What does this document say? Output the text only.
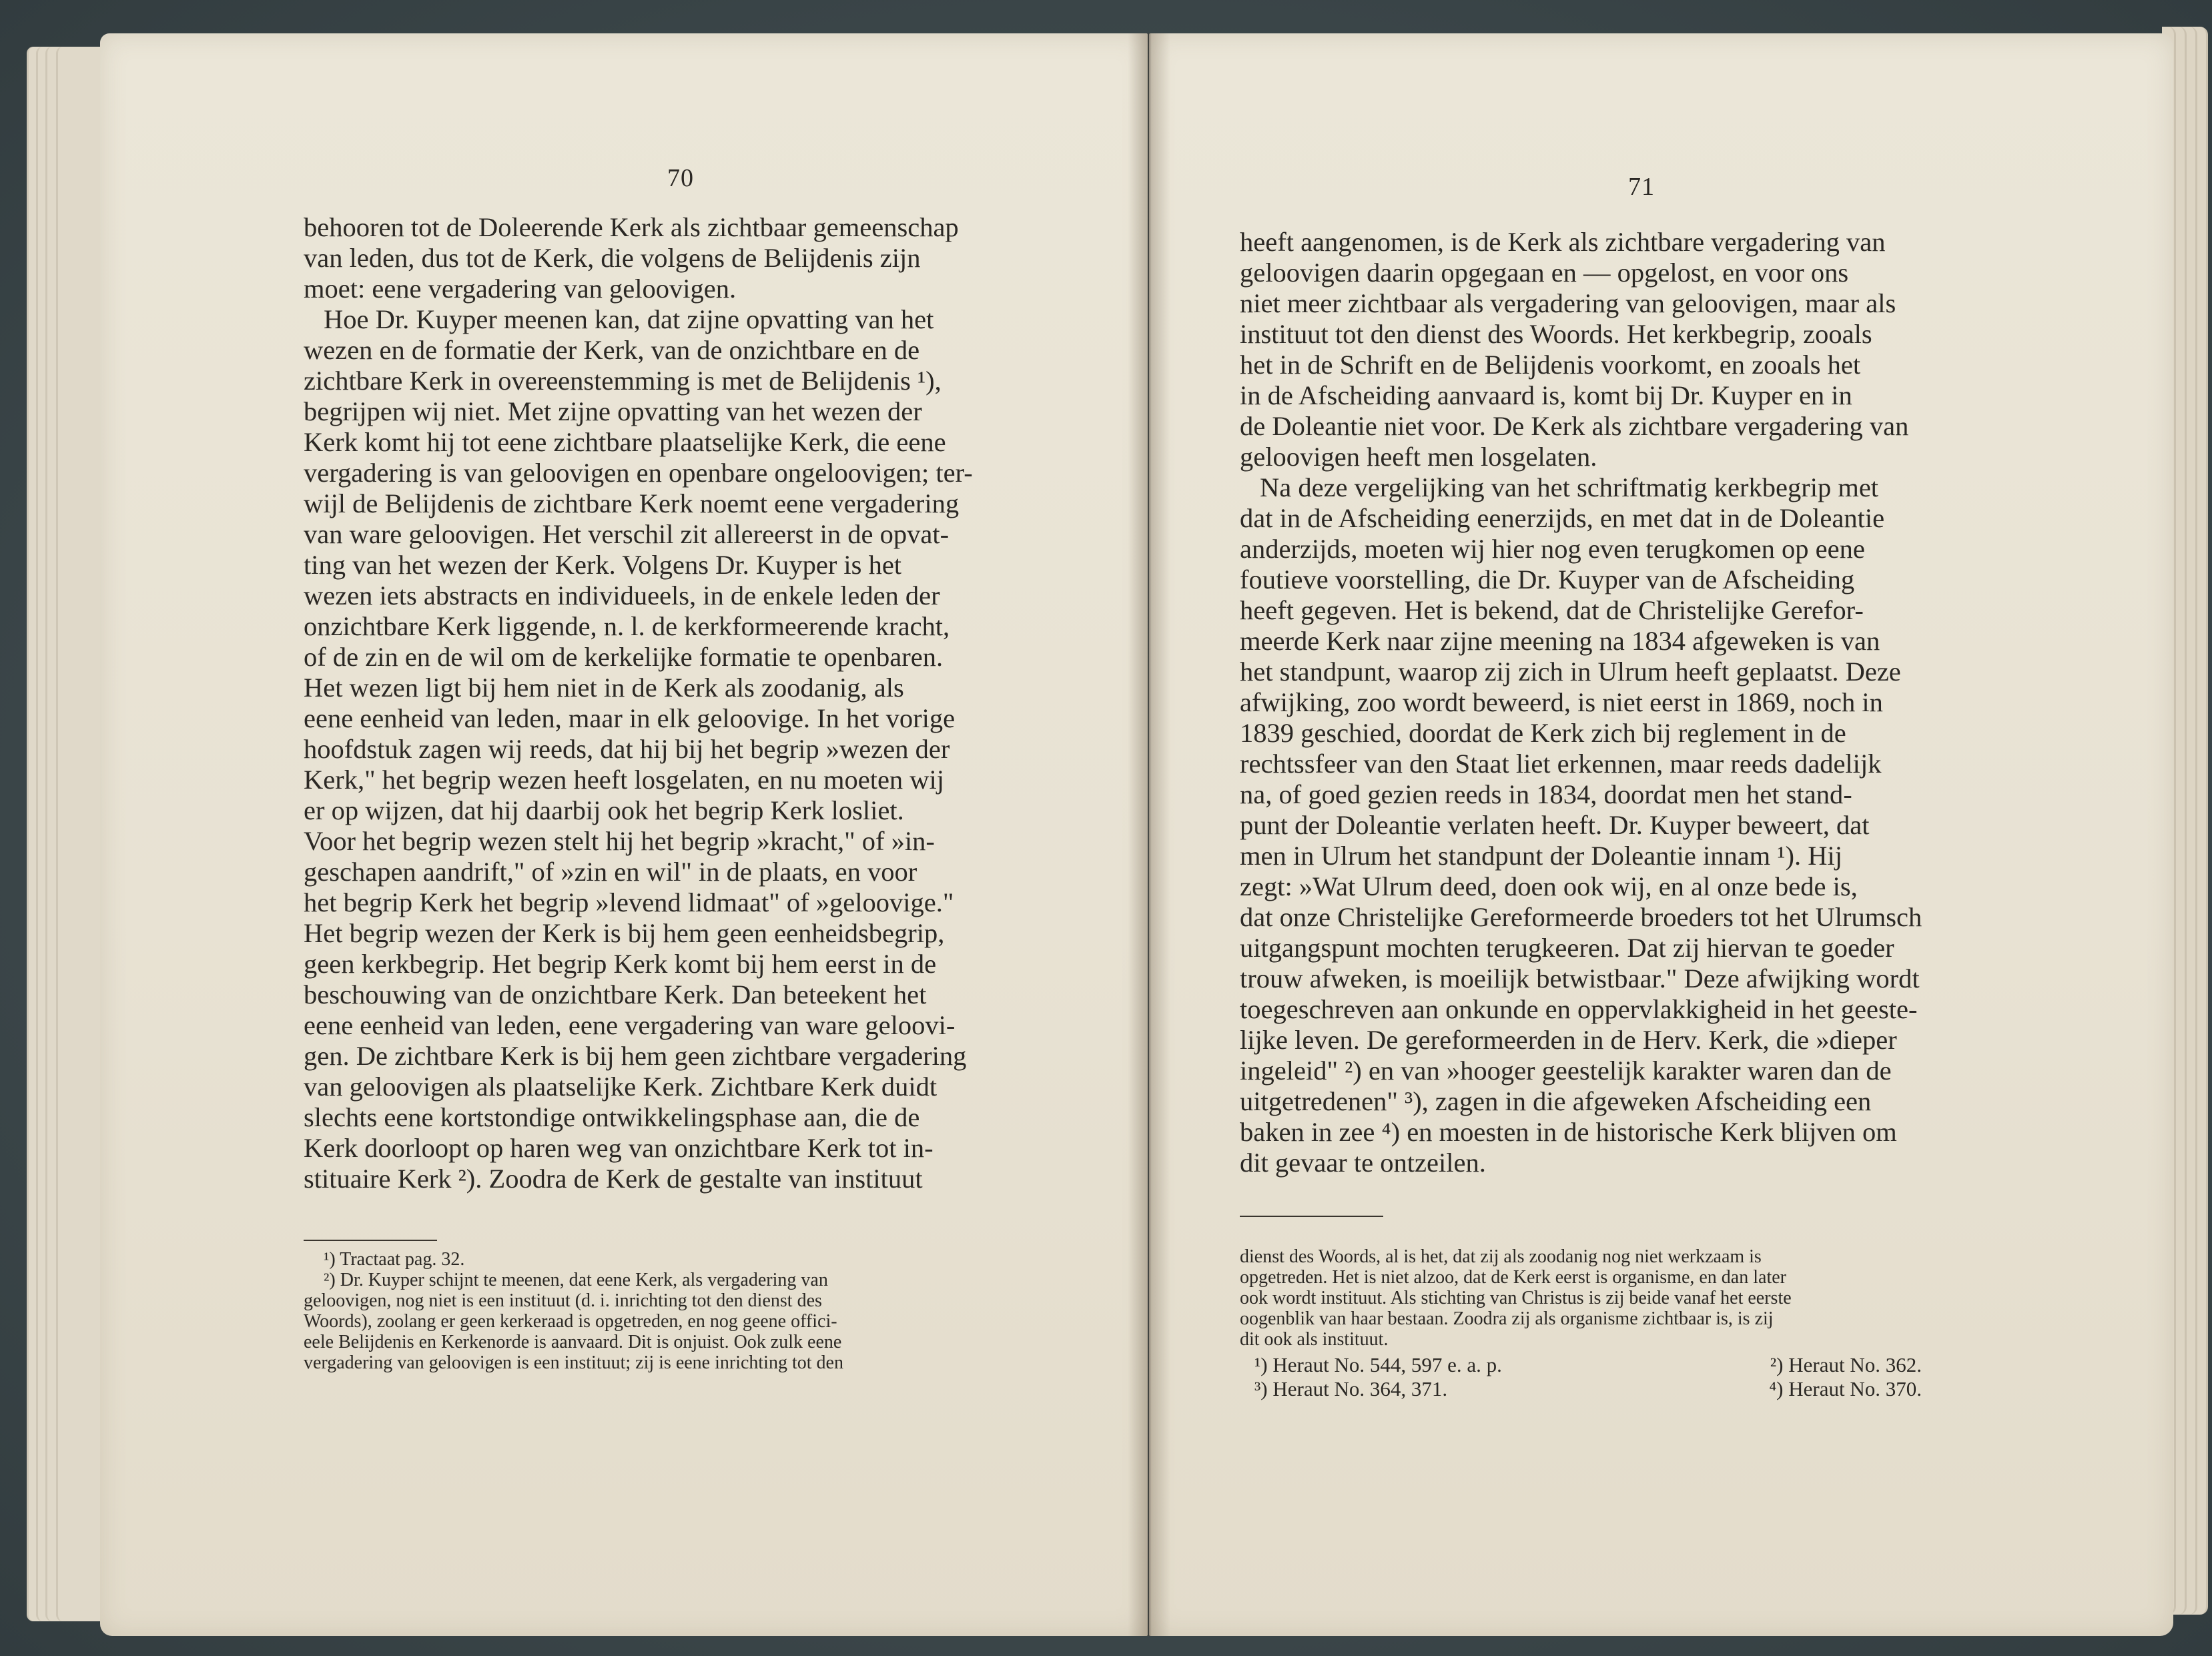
70
behooren tot de Doleerende Kerk als zichtbaar gemeenschap
van leden, dus tot de Kerk, die volgens de Belijdenis zijn
moet: eene vergadering van geloovigen.
Hoe Dr. Kuyper meenen kan, dat zijne opvatting van het
wezen en de formatie der Kerk, van de onzichtbare en de
zichtbare Kerk in overeenstemming is met de Belijdenis ¹),
begrijpen wij niet. Met zijne opvatting van het wezen der
Kerk komt hij tot eene zichtbare plaatselijke Kerk, die eene
vergadering is van geloovigen en openbare ongeloovigen; ter-
wijl de Belijdenis de zichtbare Kerk noemt eene vergadering
van ware geloovigen. Het verschil zit allereerst in de opvat-
ting van het wezen der Kerk. Volgens Dr. Kuyper is het
wezen iets abstracts en individueels, in de enkele leden der
onzichtbare Kerk liggende, n. l. de kerkformeerende kracht,
of de zin en de wil om de kerkelijke formatie te openbaren.
Het wezen ligt bij hem niet in de Kerk als zoodanig, als
eene eenheid van leden, maar in elk geloovige. In het vorige
hoofdstuk zagen wij reeds, dat hij bij het begrip »wezen der
Kerk," het begrip wezen heeft losgelaten, en nu moeten wij
er op wijzen, dat hij daarbij ook het begrip Kerk losliet.
Voor het begrip wezen stelt hij het begrip »kracht," of »in-
geschapen aandrift," of »zin en wil" in de plaats, en voor
het begrip Kerk het begrip »levend lidmaat" of »geloovige."
Het begrip wezen der Kerk is bij hem geen eenheidsbegrip,
geen kerkbegrip. Het begrip Kerk komt bij hem eerst in de
beschouwing van de onzichtbare Kerk. Dan beteekent het
eene eenheid van leden, eene vergadering van ware geloovi-
gen. De zichtbare Kerk is bij hem geen zichtbare vergadering
van geloovigen als plaatselijke Kerk. Zichtbare Kerk duidt
slechts eene kortstondige ontwikkelingsphase aan, die de
Kerk doorloopt op haren weg van onzichtbare Kerk tot in-
stituaire Kerk ²). Zoodra de Kerk de gestalte van instituut
¹) Tractaat pag. 32.
²) Dr. Kuyper schijnt te meenen, dat eene Kerk, als vergadering van
geloovigen, nog niet is een instituut (d. i. inrichting tot den dienst des
Woords), zoolang er geen kerkeraad is opgetreden, en nog geene offici-
eele Belijdenis en Kerkenorde is aanvaard. Dit is onjuist. Ook zulk eene
vergadering van geloovigen is een instituut; zij is eene inrichting tot den
71
heeft aangenomen, is de Kerk als zichtbare vergadering van
geloovigen daarin opgegaan en — opgelost, en voor ons
niet meer zichtbaar als vergadering van geloovigen, maar als
instituut tot den dienst des Woords. Het kerkbegrip, zooals
het in de Schrift en de Belijdenis voorkomt, en zooals het
in de Afscheiding aanvaard is, komt bij Dr. Kuyper en in
de Doleantie niet voor. De Kerk als zichtbare vergadering van
geloovigen heeft men losgelaten.
Na deze vergelijking van het schriftmatig kerkbegrip met
dat in de Afscheiding eenerzijds, en met dat in de Doleantie
anderzijds, moeten wij hier nog even terugkomen op eene
foutieve voorstelling, die Dr. Kuyper van de Afscheiding
heeft gegeven. Het is bekend, dat de Christelijke Gerefor-
meerde Kerk naar zijne meening na 1834 afgeweken is van
het standpunt, waarop zij zich in Ulrum heeft geplaatst. Deze
afwijking, zoo wordt beweerd, is niet eerst in 1869, noch in
1839 geschied, doordat de Kerk zich bij reglement in de
rechtssfeer van den Staat liet erkennen, maar reeds dadelijk
na, of goed gezien reeds in 1834, doordat men het stand-
punt der Doleantie verlaten heeft. Dr. Kuyper beweert, dat
men in Ulrum het standpunt der Doleantie innam ¹). Hij
zegt: »Wat Ulrum deed, doen ook wij, en al onze bede is,
dat onze Christelijke Gereformeerde broeders tot het Ulrumsch
uitgangspunt mochten terugkeeren. Dat zij hiervan te goeder
trouw afweken, is moeilijk betwistbaar." Deze afwijking wordt
toegeschreven aan onkunde en oppervlakkigheid in het geeste-
lijke leven. De gereformeerden in de Herv. Kerk, die »dieper
ingeleid" ²) en van »hooger geestelijk karakter waren dan de
uitgetredenen" ³), zagen in die afgeweken Afscheiding een
baken in zee ⁴) en moesten in de historische Kerk blijven om
dit gevaar te ontzeilen.
dienst des Woords, al is het, dat zij als zoodanig nog niet werkzaam is
opgetreden. Het is niet alzoo, dat de Kerk eerst is organisme, en dan later
ook wordt instituut. Als stichting van Christus is zij beide vanaf het eerste
oogenblik van haar bestaan. Zoodra zij als organisme zichtbaar is, is zij
dit ook als instituut.
¹) Heraut No. 544, 597 e. a. p.	²) Heraut No. 362.
³) Heraut No. 364, 371.	⁴) Heraut No. 370.
